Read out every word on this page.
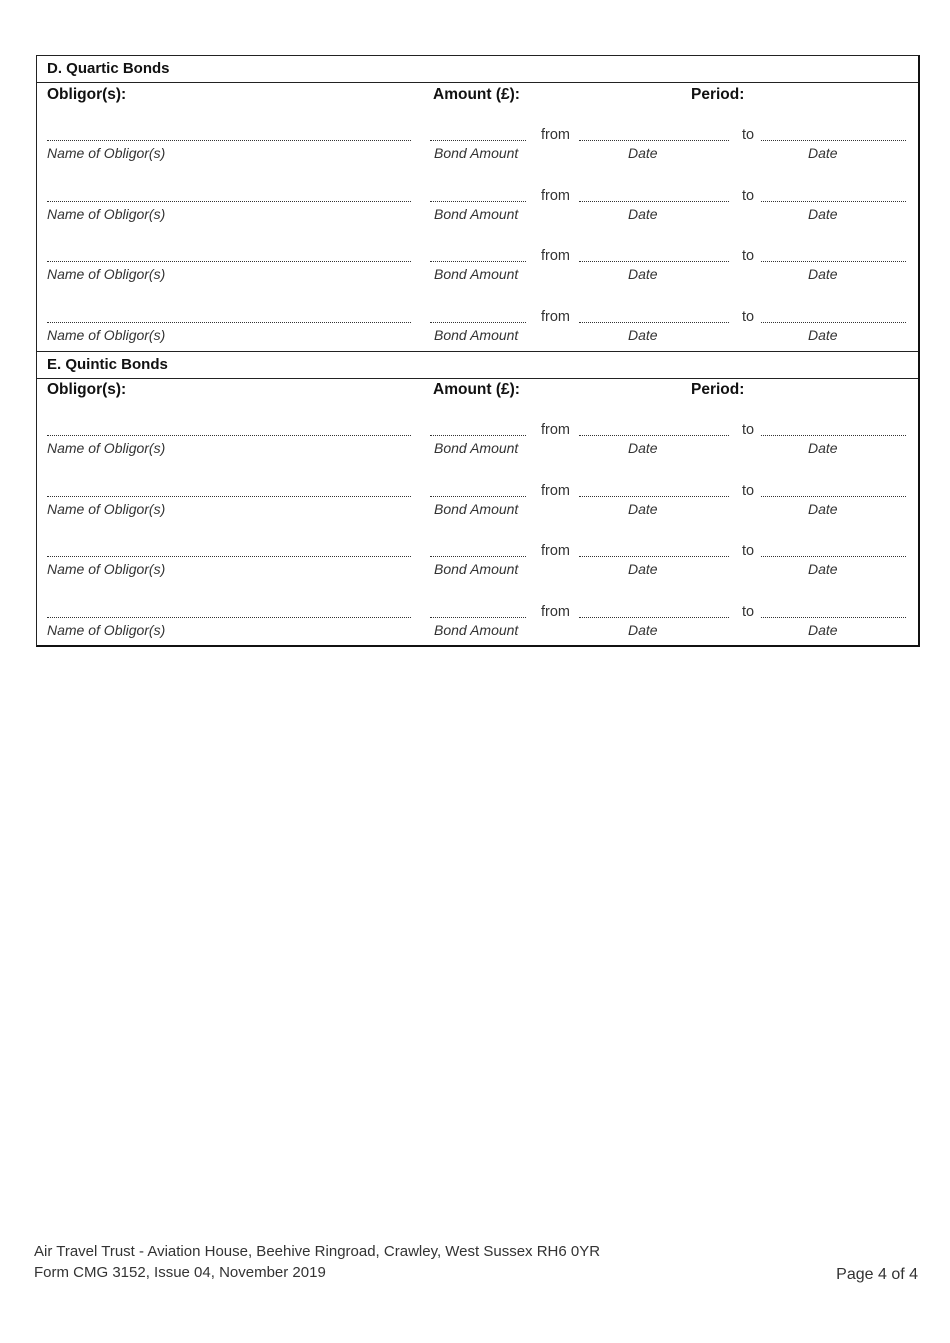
D. Quartic Bonds
Obligor(s):	Amount (£):	Period:
from	to
Name of Obligor(s)	Bond Amount	Date	Date
from	to
Name of Obligor(s)	Bond Amount	Date	Date
from	to
Name of Obligor(s)	Bond Amount	Date	Date
from	to
Name of Obligor(s)	Bond Amount	Date	Date
E. Quintic Bonds
Obligor(s):	Amount (£):	Period:
from	to
Name of Obligor(s)	Bond Amount	Date	Date
from	to
Name of Obligor(s)	Bond Amount	Date	Date
from	to
Name of Obligor(s)	Bond Amount	Date	Date
from	to
Name of Obligor(s)	Bond Amount	Date	Date
Air Travel Trust - Aviation House, Beehive Ringroad, Crawley, West Sussex RH6 0YR
Form CMG 3152, Issue 04, November 2019	Page 4 of 4
